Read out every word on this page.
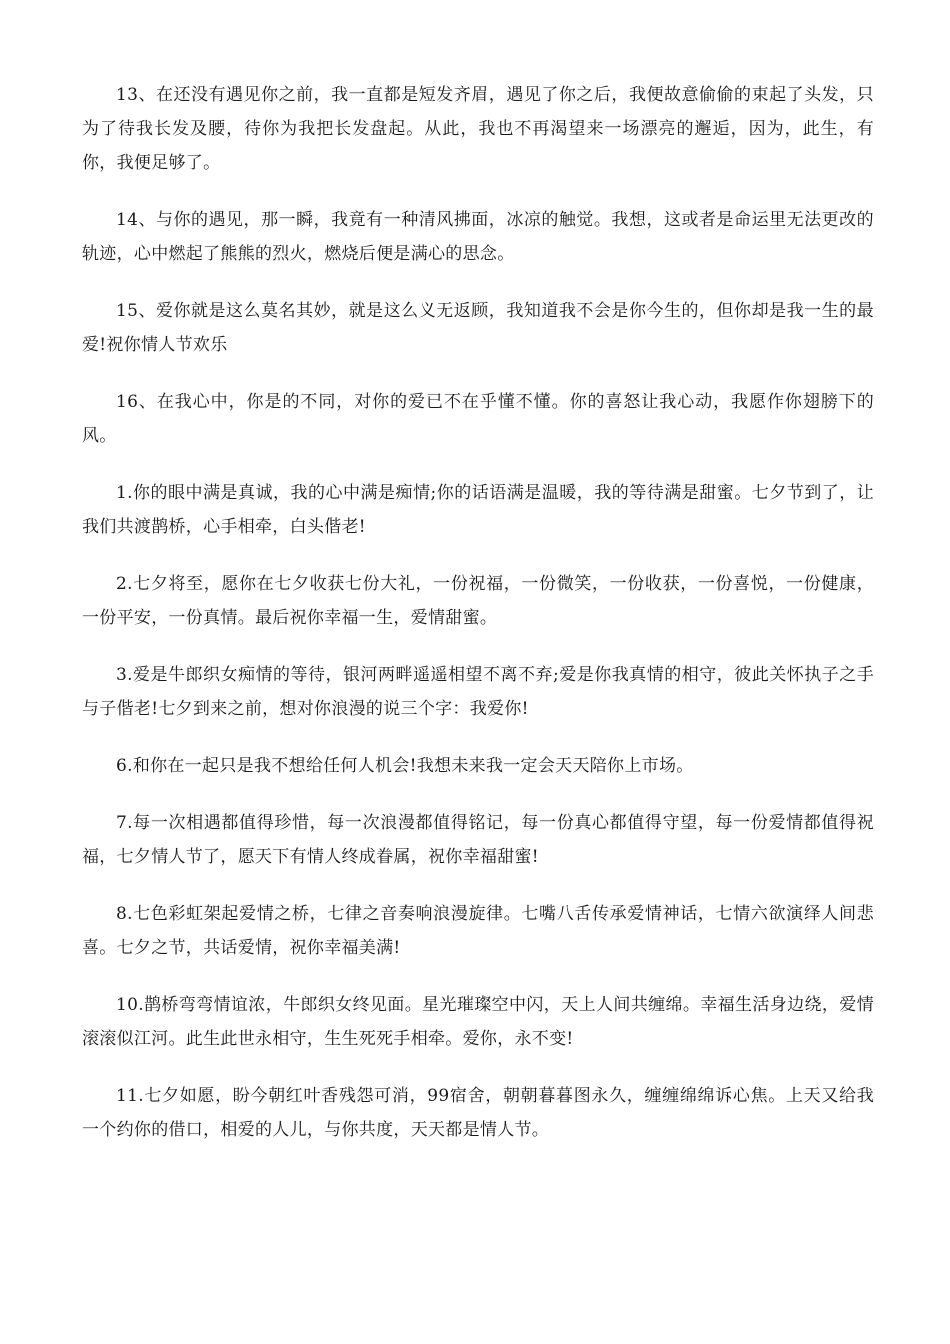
13、在还没有遇见你之前，我一直都是短发齐眉，遇见了你之后，我便故意偷偷的束起了头发，只为了待我长发及腰，待你为我把长发盘起。从此，我也不再渴望来一场漂亮的邂逅，因为，此生，有你，我便足够了。

14、与你的遇见，那一瞬，我竟有一种清风拂面，冰凉的触觉。我想，这或者是命运里无法更改的轨迹，心中燃起了熊熊的烈火，燃烧后便是满心的思念。

15、爱你就是这么莫名其妙，就是这么义无返顾，我知道我不会是你今生的，但你却是我一生的最爱!祝你情人节欢乐

16、在我心中，你是的不同，对你的爱已不在乎懂不懂。你的喜怒让我心动，我愿作你翅膀下的风。

1.你的眼中满是真诚，我的心中满是痴情;你的话语满是温暖，我的等待满是甜蜜。七夕节到了，让我们共渡鹊桥，心手相牵，白头偕老!

2.七夕将至，愿你在七夕收获七份大礼，一份祝福，一份微笑，一份收获，一份喜悦，一份健康，一份平安，一份真情。最后祝你幸福一生，爱情甜蜜。

3.爱是牛郎织女痴情的等待，银河两畔遥遥相望不离不弃;爱是你我真情的相守，彼此关怀执子之手与子偕老!七夕到来之前，想对你浪漫的说三个字：我爱你!

6.和你在一起只是我不想给任何人机会!我想未来我一定会天天陪你上市场。

7.每一次相遇都值得珍惜，每一次浪漫都值得铭记，每一份真心都值得守望，每一份爱情都值得祝福，七夕情人节了，愿天下有情人终成眷属，祝你幸福甜蜜!

8.七色彩虹架起爱情之桥，七律之音奏响浪漫旋律。七嘴八舌传承爱情神话，七情六欲演绎人间悲喜。七夕之节，共话爱情，祝你幸福美满!

10.鹊桥弯弯情谊浓，牛郎织女终见面。星光璀璨空中闪，天上人间共缠绵。幸福生活身边绕，爱情滚滚似江河。此生此世永相守，生生死死手相牵。爱你，永不变!

11.七夕如愿，盼今朝红叶香残怨可消，99宿舍，朝朝暮暮图永久，缠缠绵绵诉心焦。上天又给我一个约你的借口，相爱的人儿，与你共度，天天都是情人节。
